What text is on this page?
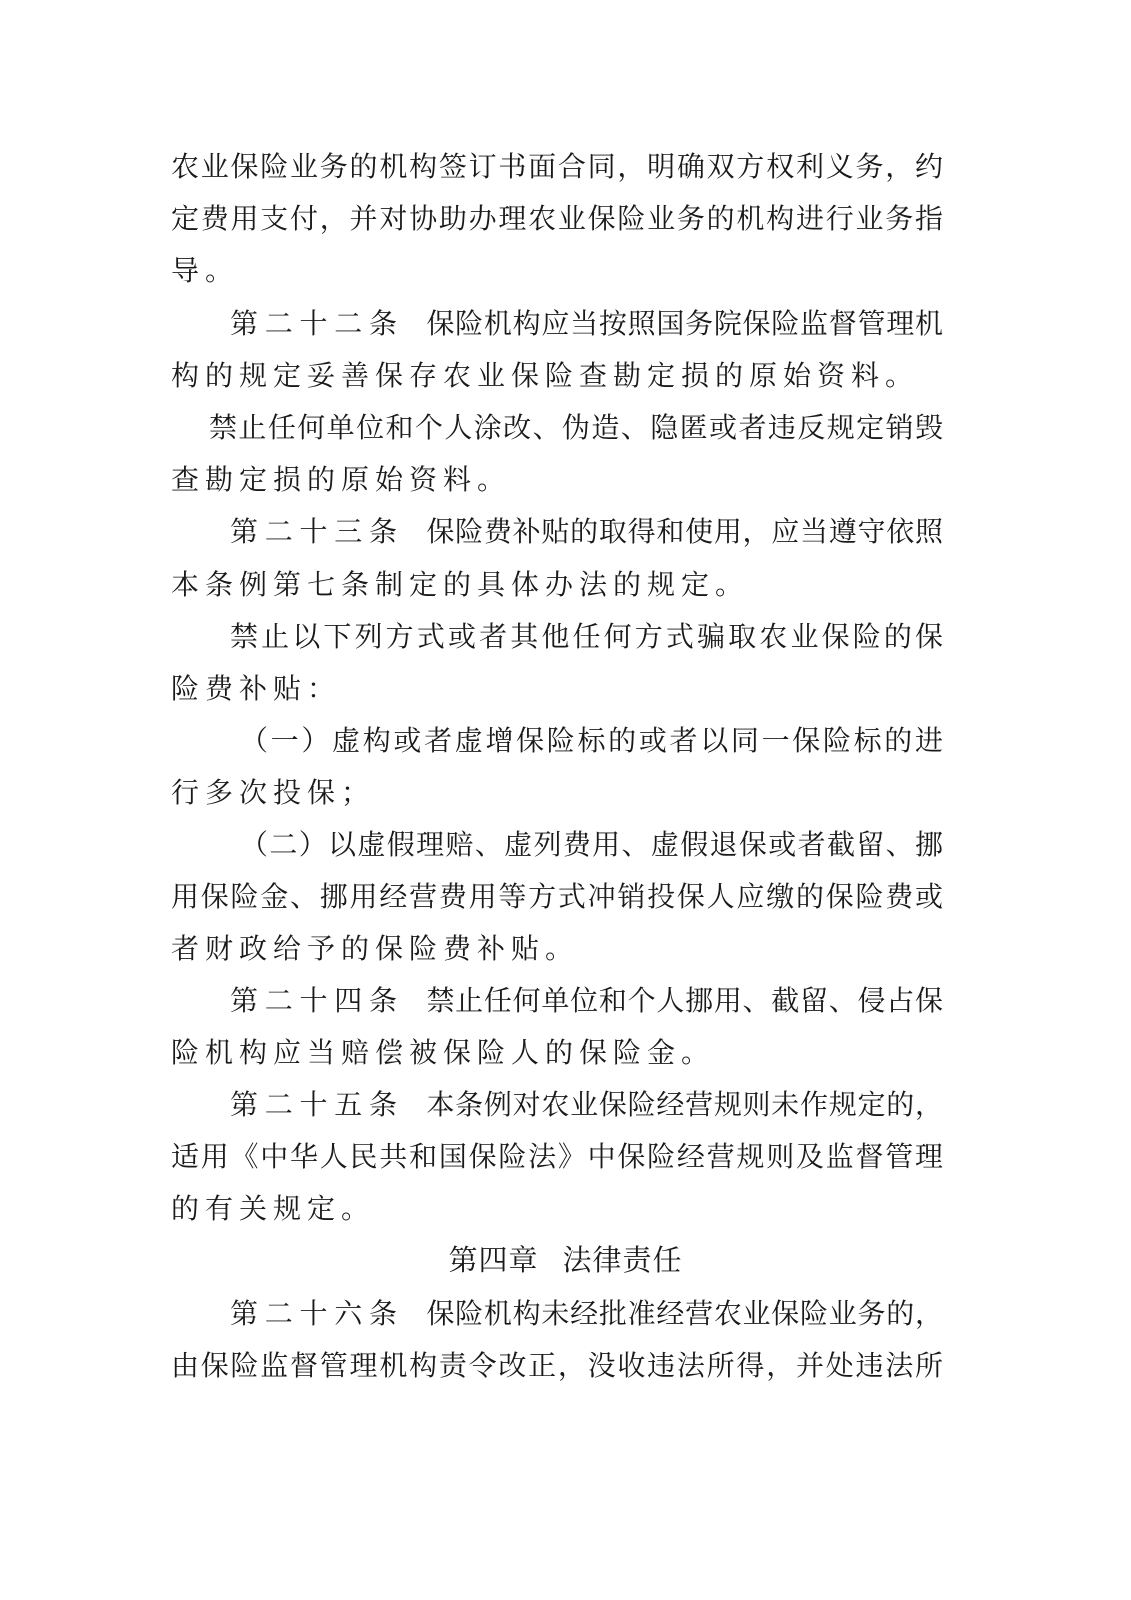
农业保险业务的机构签订书面合同，明确双方权利义务，约
定费用支付，并对协助办理农业保险业务的机构进行业务指
导。
第二十二条 保险机构应当按照国务院保险监督管理机
构的规定妥善保存农业保险查勘定损的原始资料。
禁止任何单位和个人涂改、伪造、隐匿或者违反规定销毁
查勘定损的原始资料。
第二十三条 保险费补贴的取得和使用，应当遵守依照
本条例第七条制定的具体办法的规定。
禁止以下列方式或者其他任何方式骗取农业保险的保
险费补贴：
（一）虚构或者虚增保险标的或者以同一保险标的进
行多次投保；
（二）以虚假理赔、虚列费用、虚假退保或者截留、挪
用保险金、挪用经营费用等方式冲销投保人应缴的保险费或
者财政给予的保险费补贴。
第二十四条 禁止任何单位和个人挪用、截留、侵占保
险机构应当赔偿被保险人的保险金。
第二十五条 本条例对农业保险经营规则未作规定的，
适用《中华人民共和国保险法》中保险经营规则及监督管理
的有关规定。
第四章 法律责任
第二十六条 保险机构未经批准经营农业保险业务的，
由保险监督管理机构责令改正，没收违法所得，并处违法所
